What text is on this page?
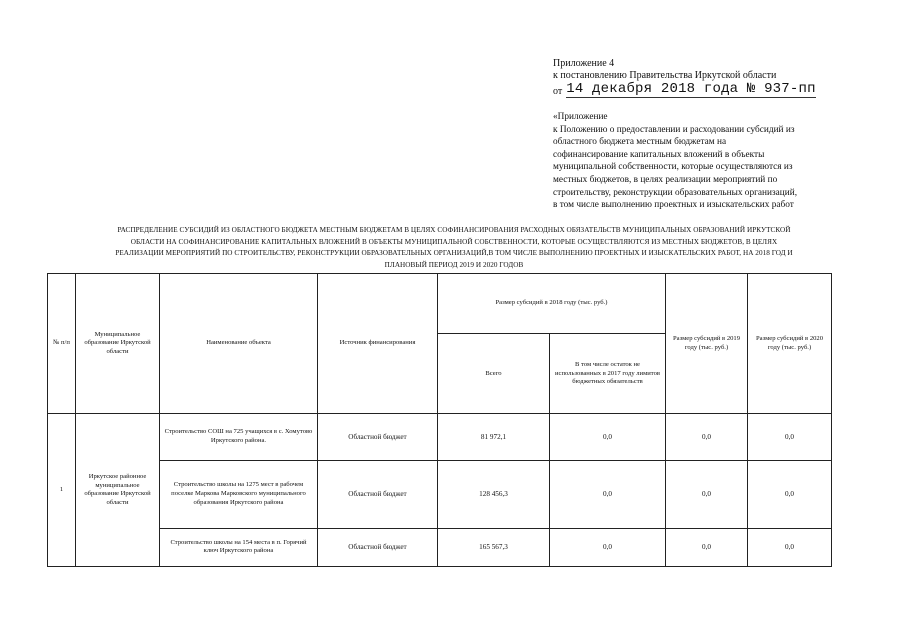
Приложение 4
к постановлению Правительства Иркутской области
от 14 декабря 2018 года № 937-пп
«Приложение
к Положению о предоставлении и расходовании субсидий из
областного бюджета местным бюджетам на
софинансирование капитальных вложений в объекты
муниципальной собственности, которые осуществляются из
местных бюджетов, в целях реализации мероприятий по
строительству, реконструкции образовательных организаций,
в том числе выполнению проектных и изыскательских работ
РАСПРЕДЕЛЕНИЕ СУБСИДИЙ ИЗ ОБЛАСТНОГО БЮДЖЕТА МЕСТНЫМ БЮДЖЕТАМ В ЦЕЛЯХ СОФИНАНСИРОВАНИЯ РАСХОДНЫХ ОБЯЗАТЕЛЬСТВ МУНИЦИПАЛЬНЫХ ОБРАЗОВАНИЙ ИРКУТСКОЙ
ОБЛАСТИ НА СОФИНАНСИРОВАНИЕ КАПИТАЛЬНЫХ ВЛОЖЕНИЙ В ОБЪЕКТЫ МУНИЦИПАЛЬНОЙ СОБСТВЕННОСТИ, КОТОРЫЕ ОСУЩЕСТВЛЯЮТСЯ ИЗ МЕСТНЫХ БЮДЖЕТОВ, В ЦЕЛЯХ
РЕАЛИЗАЦИИ МЕРОПРИЯТИЙ ПО СТРОИТЕЛЬСТВУ, РЕКОНСТРУКЦИИ ОБРАЗОВАТЕЛЬНЫХ ОРГАНИЗАЦИЙ,В ТОМ ЧИСЛЕ ВЫПОЛНЕНИЮ ПРОЕКТНЫХ И ИЗЫСКАТЕЛЬСКИХ РАБОТ, НА 2018 ГОД И
ПЛАНОВЫЙ ПЕРИОД 2019 И 2020 ГОДОВ
№ п/п	Муниципальное образование Иркутской области	Наименование объекта	Источник финансирования	Размер субсидий в 2018 году (тыс. руб.)		Размер субсидий в 2019 году (тыс. руб.)	Размер субсидий в 2020 году (тыс. руб.)
				Всего	В том числе остаток не использованных в 2017 году лимитов бюджетных обязательств		
1	Иркутское районное муниципальное образование Иркутской области	Строительство СОШ на 725 учащихся в с. Хомутово Иркутского района.	Областной бюджет	81 972,1	0,0	0,0	0,0
		Строительство школы на 1275 мест в рабочем поселке Маркова Марковского муниципального образования Иркутского района	Областной бюджет	128 456,3	0,0	0,0	0,0
		Строительство школы на 154 места в п. Горячий ключ Иркутского района	Областной бюджет	165 567,3	0,0	0,0	0,0
